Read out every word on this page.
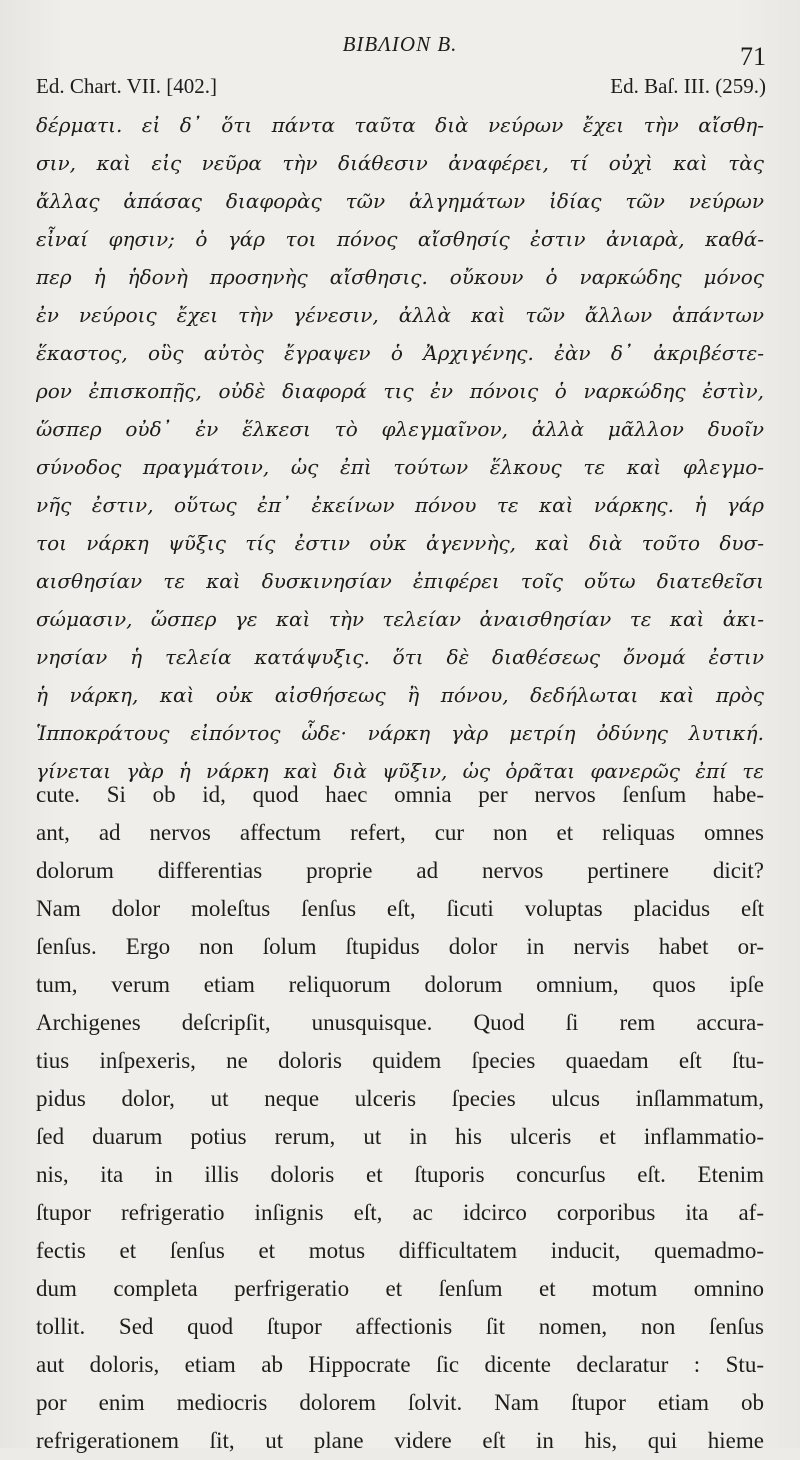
BIBΛΙΟΝ B.	71
Ed. Chart. VII. [402.]	Ed. Baſ. III. (259.)
δέρματι. εἰ δ᾽ ὅτι πάντα ταῦτα διὰ νεύρων ἔχει τὴν αἴσθη-
σιν, καὶ εἰς νεῦρα τὴν διάθεσιν ἀναφέρει, τί οὐχὶ καὶ τὰς
ἄλλας ἁπάσας διαφορὰς τῶν ἀλγημάτων ἰδίας τῶν νεύρων
εἶναί φησιν; ὁ γάρ τοι πόνος αἴσθησίς ἐστιν ἀνιαρὰ, καθά-
περ ἡ ἡδονὴ προσηνὴς αἴσθησις. οὔκουν ὁ ναρκώδης μόνος
ἐν νεύροις ἔχει τὴν γένεσιν, ἀλλὰ καὶ τῶν ἄλλων ἁπάντων
ἕκαστος, οὓς αὐτὸς ἔγραψεν ὁ Ἀρχιγένης. ἐὰν δ᾽ ἀκριβέστε-
ρον ἐπισκοπῇς, οὐδὲ διαφορά τις ἐν πόνοις ὁ ναρκώδης ἐστὶν,
ὥσπερ οὐδ᾽ ἐν ἕλκεσι τὸ φλεγμαῖνον, ἀλλὰ μᾶλλον δυοῖν
σύνοδος πραγμάτοιν, ὡς ἐπὶ τούτων ἕλκους τε καὶ φλεγμο-
νῆς ἐστιν, οὕτως ἐπ᾽ ἐκείνων πόνου τε καὶ νάρκης. ἡ γάρ
τοι νάρκη ψῦξις τίς ἐστιν οὐκ ἀγεννὴς, καὶ διὰ τοῦτο δυσ-
αισθησίαν τε καὶ δυσκινησίαν ἐπιφέρει τοῖς οὕτω διατεθεῖσι
σώμασιν, ὥσπερ γε καὶ τὴν τελείαν ἀναισθησίαν τε καὶ ἀκι-
νησίαν ἡ τελεία κατάψυξις. ὅτι δὲ διαθέσεως ὄνομά ἐστιν
ἡ νάρκη, καὶ οὐκ αἰσθήσεως ἢ πόνου, δεδήλωται καὶ πρὸς
Ἱπποκράτους εἰπόντος ὧδε· νάρκη γὰρ μετρίη ὀδύνης λυτική.
γίνεται γὰρ ἡ νάρκη καὶ διὰ ψῦξιν, ὡς ὁρᾶται φανερῶς ἐπί τε
cute. Si ob id, quod haec omnia per nervos ſenſum habe-
ant, ad nervos affectum refert, cur non et reliquas omnes
dolorum differentias proprie ad nervos pertinere dicit?
Nam dolor moleſtus ſenſus eſt, ſicuti voluptas placidus eſt
ſenſus. Ergo non ſolum ſtupidus dolor in nervis habet or-
tum, verum etiam reliquorum dolorum omnium, quos ipſe
Archigenes deſcripſit, unusquisque. Quod ſi rem accura-
tius inſpexeris, ne doloris quidem ſpecies quaedam eſt ſtu-
pidus dolor, ut neque ulceris ſpecies ulcus inſlammatum,
ſed duarum potius rerum, ut in his ulceris et inflammatio-
nis, ita in illis doloris et ſtuporis concurſus eſt. Etenim
ſtupor refrigeratio inſignis eſt, ac idcirco corporibus ita af-
fectis et ſenſus et motus difficultatem inducit, quemadmo-
dum completa perfrigeratio et ſenſum et motum omnino
tollit. Sed quod ſtupor affectionis ſit nomen, non ſenſus
aut doloris, etiam ab Hippocrate ſic dicente declaratur : Stu-
por enim mediocris dolorem ſolvit. Nam ſtupor etiam ob
refrigerationem ſit, ut plane videre eſt in his, qui hieme
